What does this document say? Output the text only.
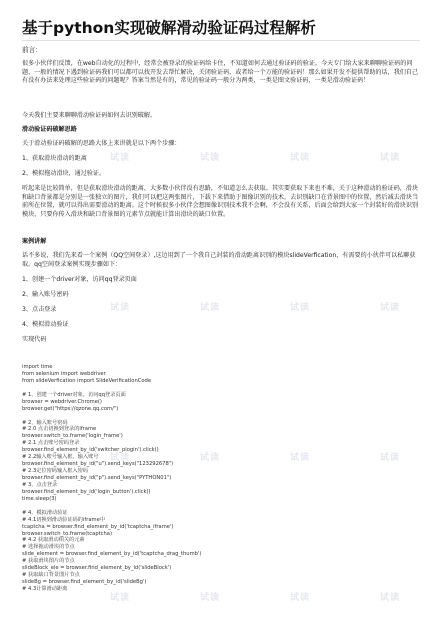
基于python实现破解滑动验证码过程解析

前言：

很多小伙伴们反馈，在web自动化的过程中，经常会被登录的验证码给卡住，不知道如何去通过验证码的验证。今天专门给大家来聊聊验证码的问题，一般的情况下遇到验证码我们可以都可以找开发去帮忙解决，关闭验证码，或者给一个万能的验证码！那么如果开发不提供帮助的话，我们自己有没有办法来处理这些验证码的问题呢？答案当然是有的，常见的验证码一般分为两类，一类是图文验证码，一类是滑动验证码！

今天我们主要来聊聊滑动验证码如何去识别破解。

滑动验证码破解思路

关于滑动验证码破解的思路大体上来讲就是以下两个步骤：

1、获取滑块滑动的距离

2、模拟拖动滑块，通过验证。

听起来是比较简单，但是获取滑块滑动的距离，大多数小伙伴没有思路，不知道怎么去获取。其实要获取下来也不难，关于这种滑动的验证码，滑块和缺口背景都是分别是一张独立的图片，我们可以把这两张图片，下载下来借助于图像识别的技术，去识别缺口在背景图中的位置，然后减去滑块当前所在位置，就可以得出需要滑动的距离。这个时候很多小伙伴会想图像识别技术我不会啊，不会没有关系，后面会给到大家一个封装好的滑块识别模块，只要你传入滑块和缺口背景图的元素节点就能计算出滑块的缺口位置。

案例讲解

话不多说，我们先来看一个案例（QQ空间登录）,这边用到了一个我自己封装的滑动距离识别的模块slideVerfication，有需要的小伙伴可以私聊获取。qq空间登录案例实现步骤如下：

1、创建一个driver对象，访问qq登录页面

2、输入账号密码

3、点击登录

4、模拟滑动验证

实现代码

import time
from selenium import webdriver
from slideVerfication import SlideVerificationCode
# 1、创建一个driver对象，访问qq登录页面
browser = webdriver.Chrome()
browser.get("https://qzone.qq.com/")
# 2、输入账号密码
# 2.0 点击切换到登录的iframe
browser.switch_to.frame('login_frame')
# 2.1 点击账号密码登录
browser.find_element_by_id('switcher_plogin').click()
# 2.2输入账号输入框，输入账号
browser.find_element_by_id("u").send_keys("123292678")
# 2.3定位密码输入框入密码
browser.find_element_by_id("p").send_keys("PYTHON01")
# 3、点击登录
browser.find_element_by_id('login_button').click()
time.sleep(3)
# 4、模拟滑动验证
# 4.1切换到滑动验证码的iframe中
tcaptcha = browser.find_element_by_id('tcaptcha_iframe')
browser.switch_to.frame(tcaptcha)
# 4.2 获取滑动相关的元素
# 选择拖动滑块的节点
slide_element = browser.find_element_by_id('tcaptcha_drag_thumb')
# 获取滑块图片的节点
slideBlock_ele = browser.find_element_by_id('slideBlock')
# 获取缺口背景图片节点
slideBg = browser.find_element_by_id('slideBg')
# 4.3计算滑动距离
试读	试读	试读	试读
试读	试读	试读	试读
试读	试读	试读	试读
试读	试读	试读	试读
